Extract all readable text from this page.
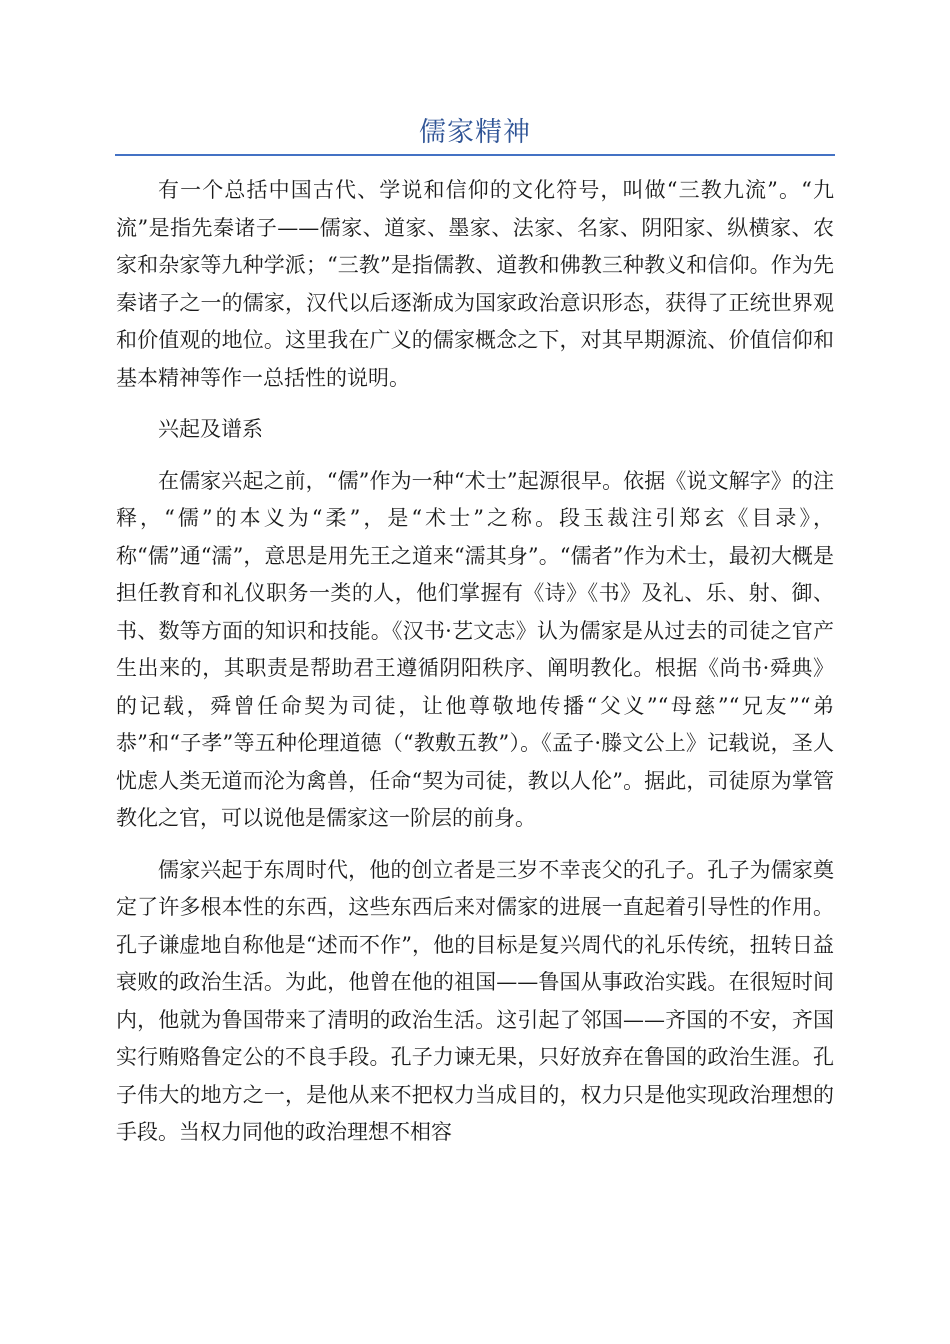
儒家精神

有一个总括中国古代、学说和信仰的文化符号，叫做“三教九流”。“九流”是指先秦诸子——儒家、道家、墨家、法家、名家、阴阳家、纵横家、农家和杂家等九种学派；“三教”是指儒教、道教和佛教三种教义和信仰。作为先秦诸子之一的儒家，汉代以后逐渐成为国家政治意识形态，获得了正统世界观和价值观的地位。这里我在广义的儒家概念之下，对其早期源流、价值信仰和基本精神等作一总括性的说明。

兴起及谱系

在儒家兴起之前，“儒”作为一种“术士”起源很早。依据《说文解字》的注释，“儒”的本义为“柔”，是“术士”之称。段玉裁注引郑玄《目录》，称“儒”通“濡”，意思是用先王之道来“濡其身”。“儒者”作为术士，最初大概是担任教育和礼仪职务一类的人，他们掌握有《诗》《书》及礼、乐、射、御、书、数等方面的知识和技能。《汉书·艺文志》认为儒家是从过去的司徒之官产生出来的，其职责是帮助君王遵循阴阳秩序、阐明教化。根据《尚书·舜典》的记载，舜曾任命契为司徒，让他尊敬地传播“父义”“母慈”“兄友”“弟恭”和“子孝”等五种伦理道德（“教敷五教”）。《孟子·滕文公上》记载说，圣人忧虑人类无道而沦为禽兽，任命“契为司徒，教以人伦”。据此，司徒原为掌管教化之官，可以说他是儒家这一阶层的前身。

儒家兴起于东周时代，他的创立者是三岁不幸丧父的孔子。孔子为儒家奠定了许多根本性的东西，这些东西后来对儒家的进展一直起着引导性的作用。孔子谦虚地自称他是“述而不作”，他的目标是复兴周代的礼乐传统，扭转日益衰败的政治生活。为此，他曾在他的祖国——鲁国从事政治实践。在很短时间内，他就为鲁国带来了清明的政治生活。这引起了邻国——齐国的不安，齐国实行贿赂鲁定公的不良手段。孔子力谏无果，只好放弃在鲁国的政治生涯。孔子伟大的地方之一，是他从来不把权力当成目的，权力只是他实现政治理想的手段。当权力同他的政治理想不相容
